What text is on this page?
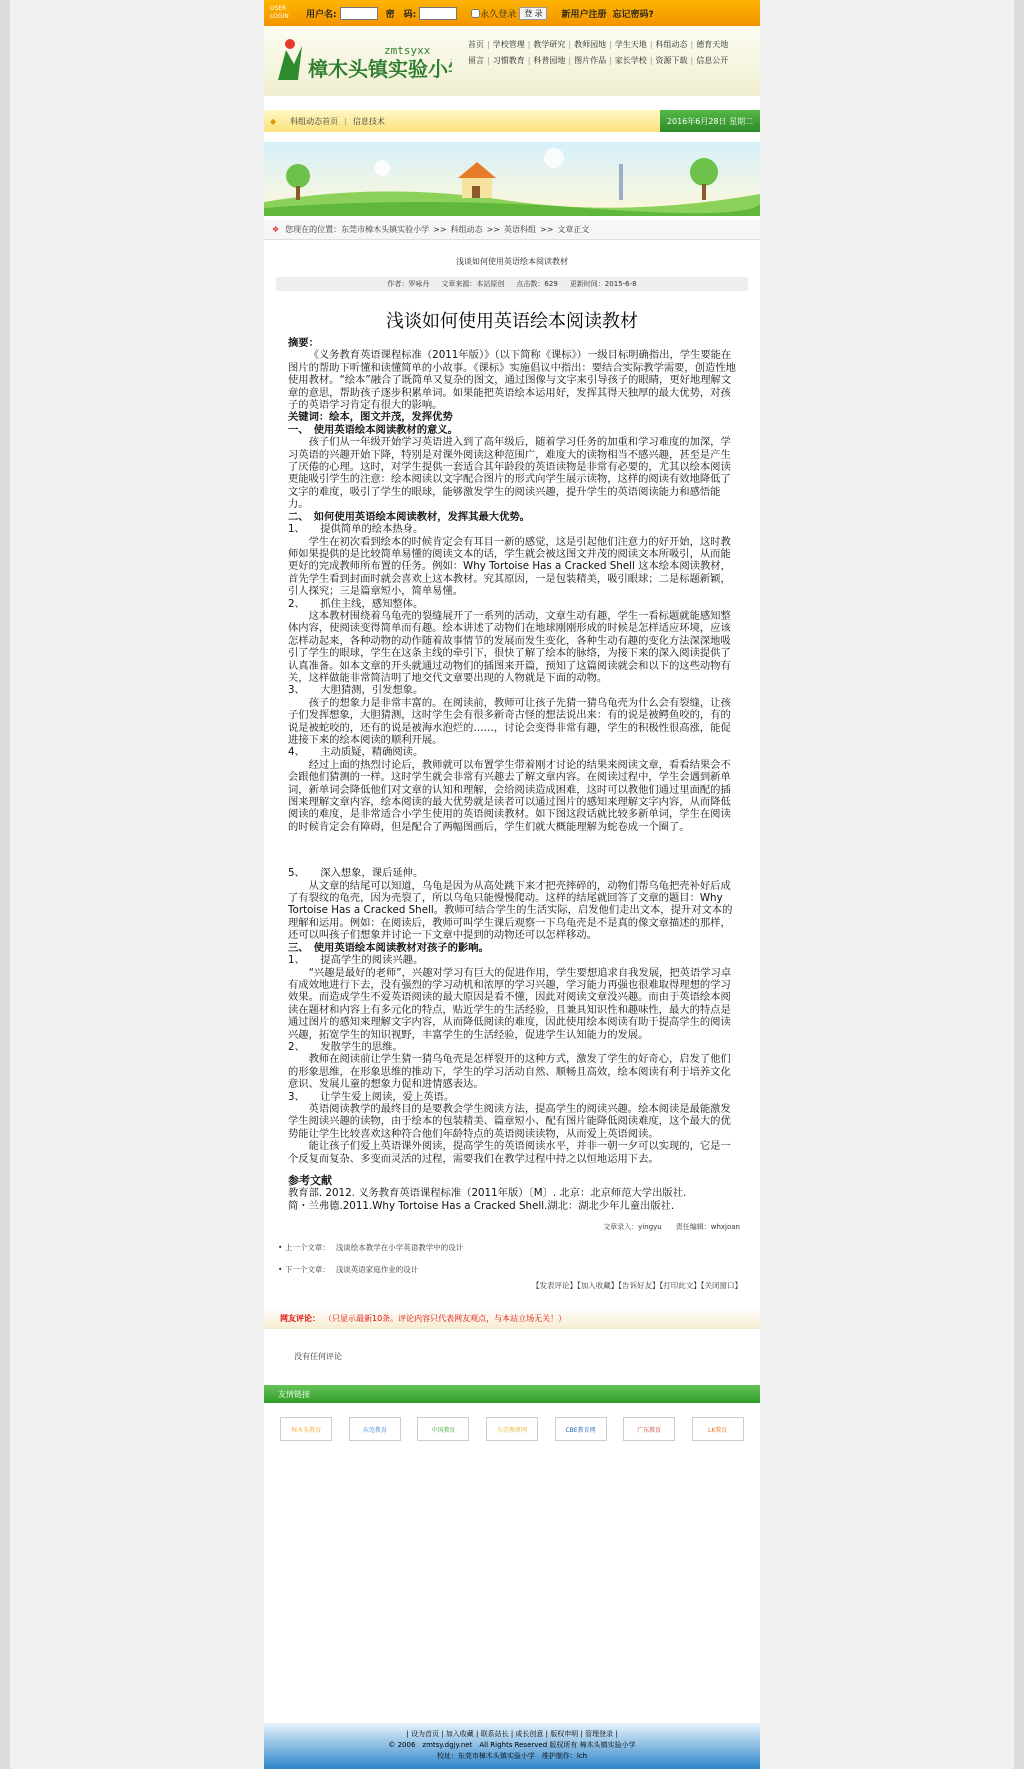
USER LOGIN	用户名:	密　码:	永久登录	登 录	新用户注册 忘记密码?
樟木头镇实验小学
zmtsyxx	首页 | 学校管理 | 教学研究 | 教师园地 | 学生天地 | 科组动态 | 德育天地
留言 | 习惯教育 | 科普园地 | 图片作品 | 家长学校 | 资源下载 | 信息公开
◆ 科组动态首页 | 信息技术	2016年6月28日 星期二
❖ 您现在的位置： 东莞市樟木头镇实验小学 >> 科组动态 >> 英语科组 >> 文章正文
浅谈如何使用英语绘本阅读教材
作者：罗咏丹 文章来源：本站原创 点击数：629 更新时间：2015-6-8
浅谈如何使用英语绘本阅读教材

摘要：

《义务教育英语课程标准（2011年版）》（以下简称《课标》）一级目标明确指出，学生要能在图片的帮助下听懂和读懂简单的小故事。《课标》实施倡议中指出：要结合实际教学需要，创造性地使用教材。“绘本”融合了既简单又复杂的图文，通过图像与文字来引导孩子的眼睛，更好地理解文章的意思，帮助孩子逐步积累单词。如果能把英语绘本运用好，发挥其得天独厚的最大优势，对孩子的英语学习肯定有很大的影响。

关键词：绘本，图文并茂，发挥优势

一、　使用英语绘本阅读教材的意义。

孩子们从一年级开始学习英语进入到了高年级后，随着学习任务的加重和学习难度的加深，学习英语的兴趣开始下降，特别是对课外阅读这种范围广，难度大的读物相当不感兴趣，甚至是产生了厌倦的心理。这时，对学生提供一套适合其年龄段的英语读物是非常有必要的，尤其以绘本阅读更能吸引学生的注意：绘本阅读以文字配合图片的形式向学生展示读物，这样的阅读有效地降低了文字的难度，吸引了学生的眼球，能够激发学生的阅读兴趣，提升学生的英语阅读能力和感悟能力。

二、　如何使用英语绘本阅读教材，发挥其最大优势。

1、　　提供简单的绘本热身。

学生在初次看到绘本的时候肯定会有耳目一新的感觉，这是引起他们注意力的好开始，这时教师如果提供的是比较简单易懂的阅读文本的话，学生就会被这图文并茂的阅读文本所吸引，从而能更好的完成教师所布置的任务。例如：Why Tortoise Has a Cracked Shell 这本绘本阅读教材，首先学生看到封面时就会喜欢上这本教材。究其原因，一是包装精美，吸引眼球；二是标题新颖，引人探究；三是篇章短小，简单易懂。

2、　　抓住主线，感知整体。

这本教材围绕着乌龟壳的裂缝展开了一系列的活动，文章生动有趣，学生一看标题就能感知整体内容，使阅读变得简单而有趣。绘本讲述了动物们在地球刚刚形成的时候是怎样适应环境，应该怎样动起来，各种动物的动作随着故事情节的发展而发生变化，各种生动有趣的变化方法深深地吸引了学生的眼球，学生在这条主线的牵引下，很快了解了绘本的脉络，为接下来的深入阅读提供了认真准备。如本文章的开头就通过动物们的插图来开篇，预知了这篇阅读就会和以下的这些动物有关，这样做能非常简洁明了地交代文章要出现的人物就是下面的动物。

3、　　大胆猜测，引发想象。

孩子的想象力是非常丰富的。在阅读前，教师可让孩子先猜一猜乌龟壳为什么会有裂缝，让孩子们发挥想象，大胆猜测，这时学生会有很多新奇古怪的想法说出来：有的说是被鳄鱼咬的，有的说是被蛇咬的，还有的说是被海水泡烂的……，讨论会变得非常有趣，学生的积极性很高涨，能促进接下来的绘本阅读的顺利开展。

4、　　主动质疑，精确阅读。

经过上面的热烈讨论后，教师就可以布置学生带着刚才讨论的结果来阅读文章，看看结果会不会跟他们猜测的一样。这时学生就会非常有兴趣去了解文章内容。在阅读过程中，学生会遇到新单词，新单词会降低他们对文章的认知和理解，会给阅读造成困难，这时可以教他们通过里面配的插图来理解文章内容，绘本阅读的最大优势就是读者可以通过图片的感知来理解文字内容，从而降低阅读的难度，是非常适合小学生使用的英语阅读教材。如下图这段话就比较多新单词，学生在阅读的时候肯定会有障碍，但是配合了两幅图画后，学生们就大概能理解为蛇卷成一个圈了。

5、　　深入想象，课后延伸。

从文章的结尾可以知道，乌龟是因为从高处跳下来才把壳摔碎的，动物们帮乌龟把壳补好后成了有裂纹的龟壳，因为壳裂了，所以乌龟只能慢慢爬动。这样的结尾就回答了文章的题目：Why Tortoise Has a Cracked Shell。教师可结合学生的生活实际，启发他们走出文本，提升对文本的理解和运用。例如：在阅读后，教师可叫学生课后观察一下乌龟壳是不是真的像文章描述的那样，还可以叫孩子们想象并讨论一下文章中提到的动物还可以怎样移动。

三、　使用英语绘本阅读教材对孩子的影响。

1、　　提高学生的阅读兴趣。

“兴趣是最好的老师”，兴趣对学习有巨大的促进作用，学生要想追求自我发展，把英语学习卓有成效地进行下去，没有强烈的学习动机和浓厚的学习兴趣，学习能力再强也很难取得理想的学习效果。而造成学生不爱英语阅读的最大原因是看不懂，因此对阅读文章没兴趣。而由于英语绘本阅读在题材和内容上有多元化的特点，贴近学生的生活经验，且兼具知识性和趣味性，最大的特点是通过图片的感知来理解文字内容，从而降低阅读的难度，因此使用绘本阅读有助于提高学生的阅读兴趣，拓宽学生的知识视野，丰富学生的生活经验，促进学生认知能力的发展。

2、　　发散学生的思维。

教师在阅读前让学生猜一猜乌龟壳是怎样裂开的这种方式，激发了学生的好奇心，启发了他们的形象思维，在形象思维的推动下，学生的学习活动自然、顺畅且高效，绘本阅读有利于培养文化意识、发展儿童的想象力促和进情感表达。

3、　　让学生爱上阅读，爱上英语。

英语阅读教学的最终目的是要教会学生阅读方法，提高学生的阅读兴趣。绘本阅读是最能激发学生阅读兴趣的读物，由于绘本的包装精美、篇章短小、配有图片能降低阅读难度，这个最大的优势能让学生比较喜欢这种符合他们年龄特点的英语阅读读物，从而爱上英语阅读。

能让孩子们爱上英语课外阅读，提高学生的英语阅读水平，并非一朝一夕可以实现的，它是一个反复而复杂、多变而灵活的过程，需要我们在教学过程中持之以恒地运用下去。

参考文献

教育部. 2012. 义务教育英语课程标准（2011年版）〔M〕. 北京：北京师范大学出版社.

简・兰弗德.2011.Why Tortoise Has a Cracked Shell.湖北：湖北少年儿童出版社.

文章录入：yingyu　　责任编辑：whxjoan
• 上一个文章： 浅谈绘本教学在小学英语教学中的设计
• 下一个文章： 浅谈英语家庭作业的设计
【发表评论】【加入收藏】【告诉好友】【打印此文】【关闭窗口】
网友评论： （只显示最新10条。评论内容只代表网友观点，与本站立场无关！）
没有任何评论
友情链接
樟木头教育	东莞教育	中国教育	东莞教研网	CBE教育网	广东教育	LK教育
| 设为首页 | 加入收藏 | 联系站长 | 成长创意 | 版权申明 | 管理登录 |
© 2006　zmtsy.dgjy.net　All Rights Reserved 版权所有 樟木头镇实验小学
校址：东莞市樟木头镇实验小学　维护制作：lch
